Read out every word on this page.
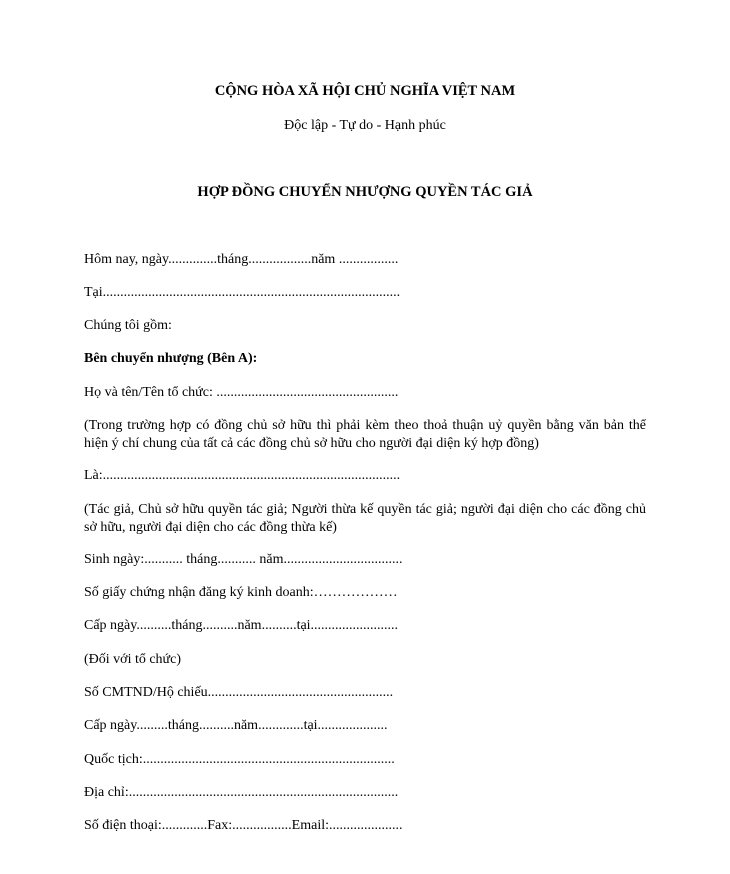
CỘNG HÒA XÃ HỘI CHỦ NGHĨA VIỆT NAM
Độc lập - Tự do - Hạnh phúc
HỢP ĐỒNG CHUYỂN NHƯỢNG QUYỀN TÁC GIẢ
Hôm nay, ngày..............tháng..................năm .................
Tại.....................................................................................
Chúng tôi gồm:
Bên chuyển nhượng (Bên A):
Họ và tên/Tên tổ chức: ....................................................
(Trong trường hợp có đồng chủ sở hữu thì phải kèm theo thoả thuận uỷ quyền bằng văn bản thể hiện ý chí chung của tất cả các đồng chủ sở hữu cho người đại diện ký hợp đồng)
Là:.....................................................................................
(Tác giả, Chủ sở hữu quyền tác giả; Người thừa kế quyền tác giả; người đại diện cho các đồng chủ sở hữu, người đại diện cho các đồng thừa kế)
Sinh ngày:........... tháng........... năm..................................
Số giấy chứng nhận đăng ký kinh doanh:………………
Cấp ngày..........tháng..........năm..........tại.........................
(Đối với tổ chức)
Số CMTND/Hộ chiếu.....................................................
Cấp ngày.........tháng..........năm.............tại....................
Quốc tịch:........................................................................
Địa chỉ:.............................................................................
Số điện thoại:.............Fax:.................Email:.....................
